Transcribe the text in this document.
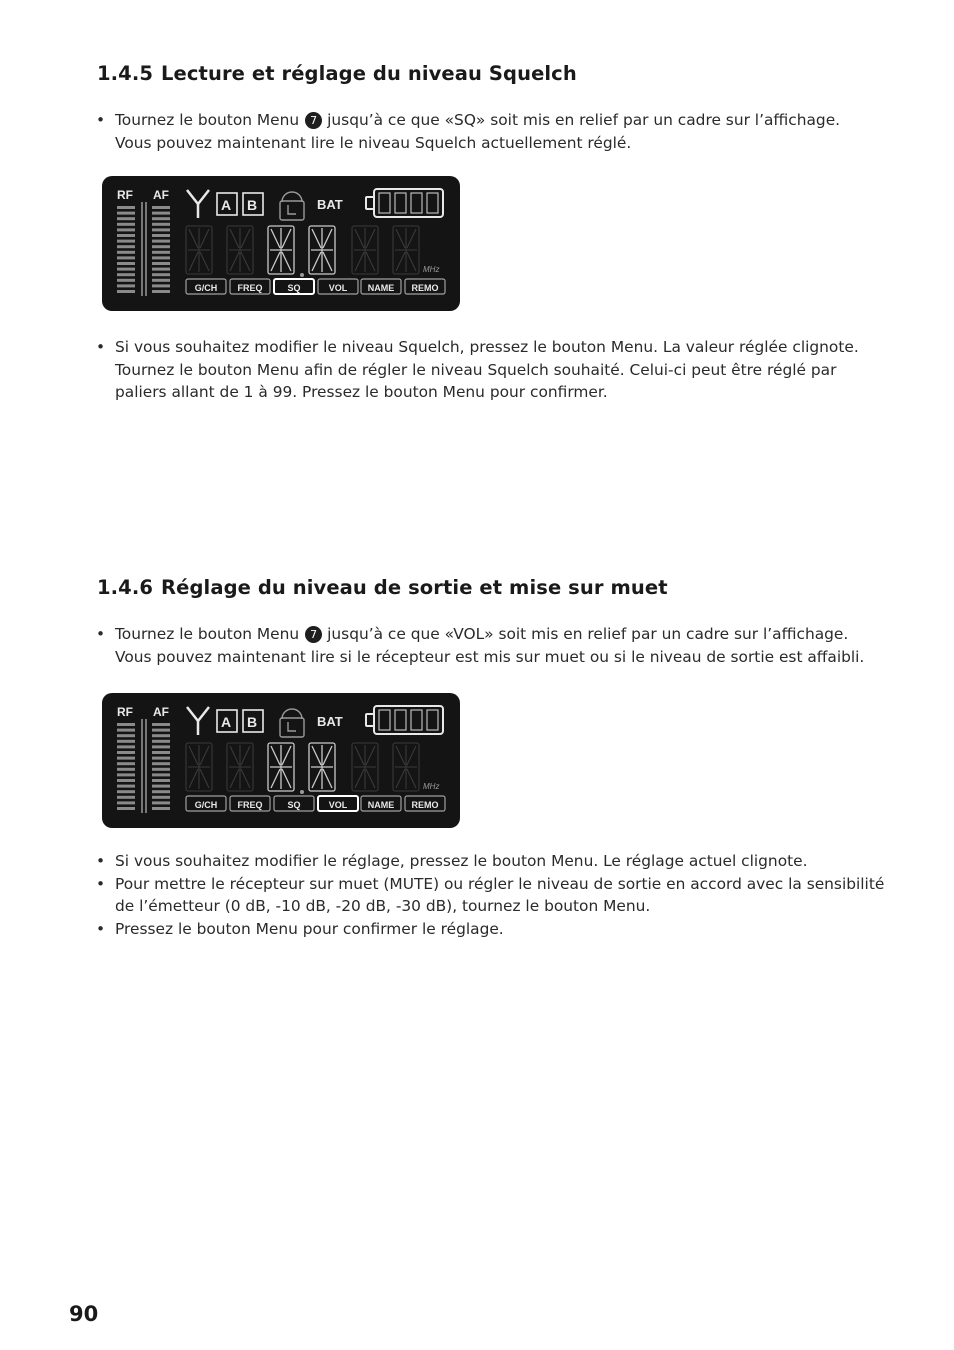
1.4.5 Lecture et réglage du niveau Squelch
• Tournez le bouton Menu 7 jusqu’à ce que «SQ» soit mis en relief par un cadre sur l’affichage.
Vous pouvez maintenant lire le niveau Squelch actuellement réglé.
RF AF
A B	BAT
MHz
G/CH FREQ	SQ	VOL NAME REMO
• Si vous souhaitez modifier le niveau Squelch, pressez le bouton Menu. La valeur réglée clignote.
Tournez le bouton Menu afin de régler le niveau Squelch souhaité. Celui-ci peut être réglé par
paliers allant de 1 à 99. Pressez le bouton Menu pour confirmer.
1.4.6 Réglage du niveau de sortie et mise sur muet
• Tournez le bouton Menu 7 jusqu’à ce que «VOL» soit mis en relief par un cadre sur l’affichage.
Vous pouvez maintenant lire si le récepteur est mis sur muet ou si le niveau de sortie est affaibli.
RF AF
A B	BAT
MHz
G/CH FREQ	SQ	VOL NAME REMO
• Si vous souhaitez modifier le réglage, pressez le bouton Menu. Le réglage actuel clignote.
• Pour mettre le récepteur sur muet (MUTE) ou régler le niveau de sortie en accord avec la sensibilité
de l’émetteur (0 dB, -10 dB, -20 dB, -30 dB), tournez le bouton Menu.
• Pressez le bouton Menu pour confirmer le réglage.
90
